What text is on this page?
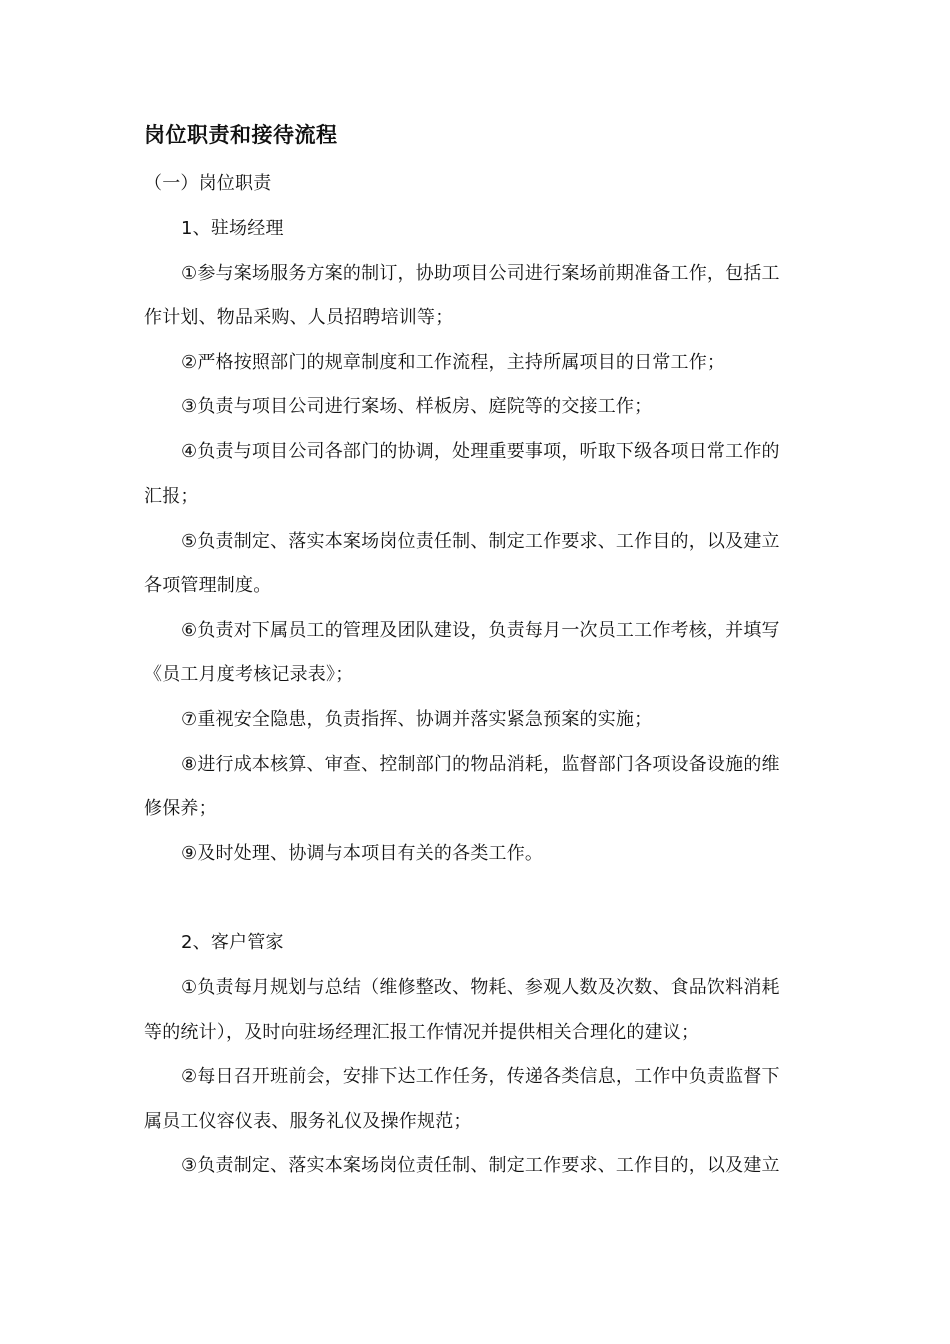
岗位职责和接待流程
（一）岗位职责
1、驻场经理
①参与案场服务方案的制订，协助项目公司进行案场前期准备工作，包括工
作计划、物品采购、人员招聘培训等；
②严格按照部门的规章制度和工作流程，主持所属项目的日常工作；
③负责与项目公司进行案场、样板房、庭院等的交接工作；
④负责与项目公司各部门的协调，处理重要事项，听取下级各项日常工作的
汇报；
⑤负责制定、落实本案场岗位责任制、制定工作要求、工作目的，以及建立
各项管理制度。
⑥负责对下属员工的管理及团队建设，负责每月一次员工工作考核，并填写
《员工月度考核记录表》；
⑦重视安全隐患，负责指挥、协调并落实紧急预案的实施；
⑧进行成本核算、审查、控制部门的物品消耗，监督部门各项设备设施的维
修保养；
⑨及时处理、协调与本项目有关的各类工作。
2、客户管家
①负责每月规划与总结（维修整改、物耗、参观人数及次数、食品饮料消耗
等的统计），及时向驻场经理汇报工作情况并提供相关合理化的建议；
②每日召开班前会，安排下达工作任务，传递各类信息，工作中负责监督下
属员工仪容仪表、服务礼仪及操作规范；
③负责制定、落实本案场岗位责任制、制定工作要求、工作目的，以及建立
